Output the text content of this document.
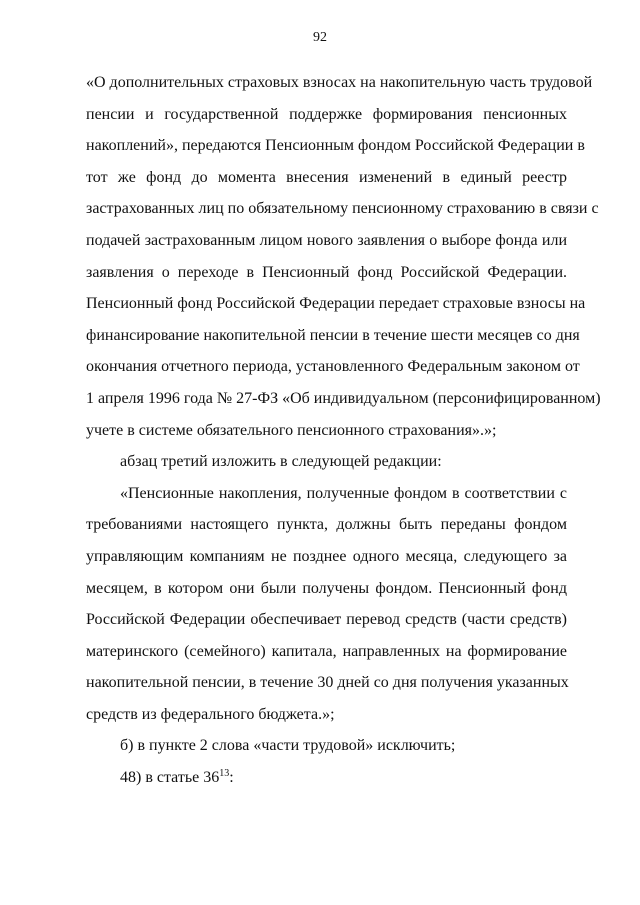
92
«О дополнительных страховых взносах на накопительную часть трудовой
пенсии и государственной поддержке формирования пенсионных
накоплений», передаются Пенсионным фондом Российской Федерации в
тот же фонд до момента внесения изменений в единый реестр
застрахованных лиц по обязательному пенсионному страхованию в связи с
подачей застрахованным лицом нового заявления о выборе фонда или
заявления о переходе в Пенсионный фонд Российской Федерации.
Пенсионный фонд Российской Федерации передает страховые взносы на
финансирование накопительной пенсии в течение шести месяцев со дня
окончания отчетного периода, установленного Федеральным законом от
1 апреля 1996 года № 27-ФЗ «Об индивидуальном (персонифицированном)
учете в системе обязательного пенсионного страхования».»;
абзац третий изложить в следующей редакции:
«Пенсионные накопления, полученные фондом в соответствии с
требованиями настоящего пункта, должны быть переданы фондом
управляющим компаниям не позднее одного месяца, следующего за
месяцем, в котором они были получены фондом. Пенсионный фонд
Российской Федерации обеспечивает перевод средств (части средств)
материнского (семейного) капитала, направленных на формирование
накопительной пенсии, в течение 30 дней со дня получения указанных
средств из федерального бюджета.»;
б) в пункте 2 слова «части трудовой» исключить;
48) в статье $36^{13}$:
